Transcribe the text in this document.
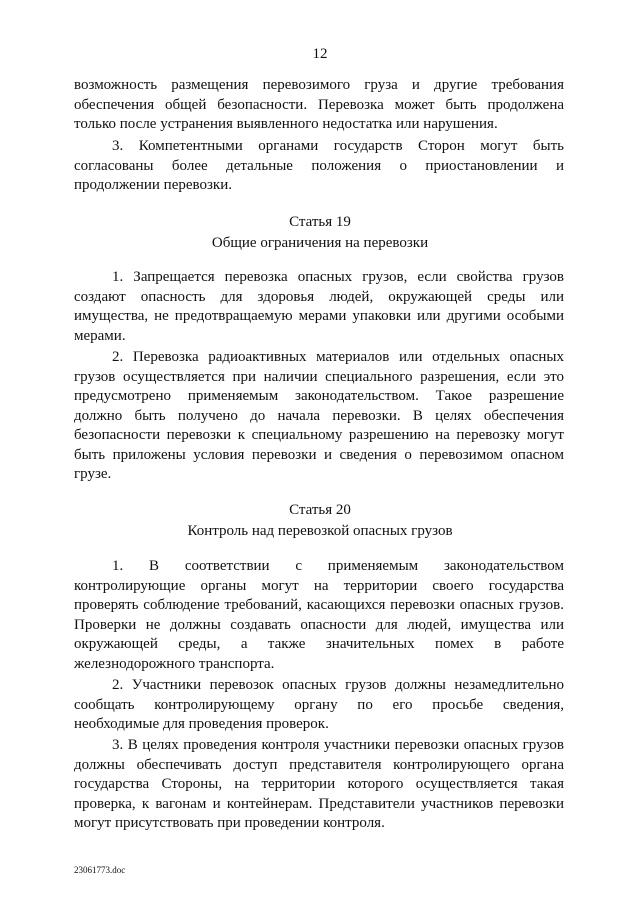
12
возможность размещения перевозимого груза и другие требования
обеспечения общей безопасности. Перевозка может быть продолжена
только после устранения выявленного недостатка или нарушения.
3. Компетентными органами государств Сторон могут быть
согласованы более детальные положения о приостановлении и
продолжении перевозки.
Статья 19
Общие ограничения на перевозки
1. Запрещается перевозка опасных грузов, если свойства грузов
создают опасность для здоровья людей, окружающей среды или
имущества, не предотвращаемую мерами упаковки или другими особыми
мерами.
2. Перевозка радиоактивных материалов или отдельных опасных
грузов осуществляется при наличии специального разрешения, если это
предусмотрено применяемым законодательством. Такое разрешение
должно быть получено до начала перевозки. В целях обеспечения
безопасности перевозки к специальному разрешению на перевозку могут
быть приложены условия перевозки и сведения о перевозимом опасном
грузе.
Статья 20
Контроль над перевозкой опасных грузов
1. В соответствии с применяемым законодательством
контролирующие органы могут на территории своего государства
проверять соблюдение требований, касающихся перевозки опасных грузов.
Проверки не должны создавать опасности для людей, имущества или
окружающей среды, а также значительных помех в работе
железнодорожного транспорта.
2. Участники перевозок опасных грузов должны незамедлительно
сообщать контролирующему органу по его просьбе сведения,
необходимые для проведения проверок.
3. В целях проведения контроля участники перевозки опасных грузов
должны обеспечивать доступ представителя контролирующего органа
государства Стороны, на территории которого осуществляется такая
проверка, к вагонам и контейнерам. Представители участников перевозки
могут присутствовать при проведении контроля.
23061773.doc
